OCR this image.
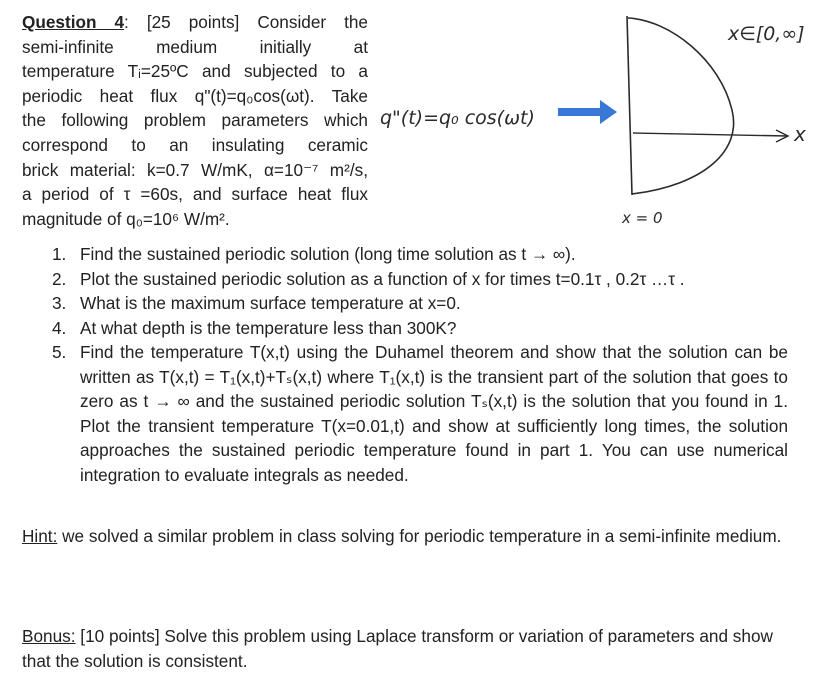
Question 4: [25 points] Consider the

semi-infinite medium initially at

temperature Tᵢ=25ºC and subjected to a

periodic heat flux q"(t)=q₀cos(ωt). Take

the following problem parameters which

correspond to an insulating ceramic

brick material: k=0.7 W/mK, α=10⁻⁷ m²/s,

a period of τ =60s, and surface heat flux

magnitude of q₀=10⁶ W/m².

x
x∈[0,∞]
q"(t)=q₀ cos(ωt)
x = 0
1. Find the sustained periodic solution (long time solution as t → ∞).
2. Plot the sustained periodic solution as a function of x for times t=0.1τ , 0.2τ …τ .
3. What is the maximum surface temperature at x=0.
4. At what depth is the temperature less than 300K?
5. Find the temperature T(x,t) using the Duhamel theorem and show that the solution can be written as T(x,t) = T₁(x,t)+Tₛ(x,t) where T₁(x,t) is the transient part of the solution that goes to zero as t → ∞ and the sustained periodic solution Tₛ(x,t) is the solution that you found in 1. Plot the transient temperature T(x=0.01,t) and show at sufficiently long times, the solution approaches the sustained periodic temperature found in part 1. You can use numerical integration to evaluate integrals as needed.

Hint: we solved a similar problem in class solving for periodic temperature in a semi-infinite medium.

Bonus: [10 points] Solve this problem using Laplace transform or variation of parameters and show that the solution is consistent.
